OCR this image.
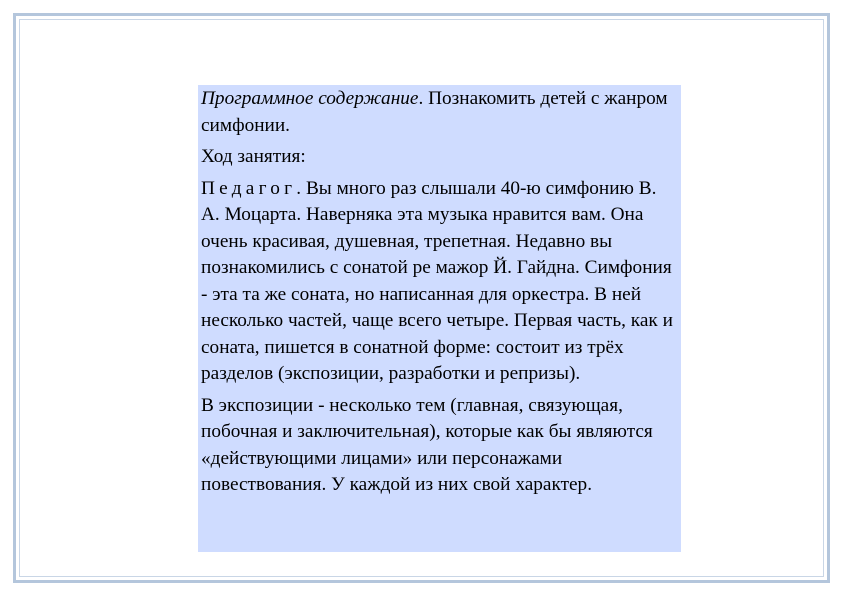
Программное содержание. Познакомить детей с жанром симфонии.

Ход занятия:

Педагог. Вы много раз слышали 40-ю симфонию В. А. Моцарта. Наверняка эта музыка нравится вам. Она очень красивая, душевная, трепетная. Недавно вы познакомились с сонатой ре мажор Й. Гайдна. Симфония - эта та же соната, но написанная для оркестра. В ней несколько частей, чаще всего четыре. Первая часть, как и соната, пишется в сонатной форме: состоит из трёх разделов (экспозиции, разработки и репризы).

В экспозиции - несколько тем (главная, связующая, побочная и заключительная), которые как бы являются «действующими лицами» или персонажами повествования. У каждой из них свой характер.
